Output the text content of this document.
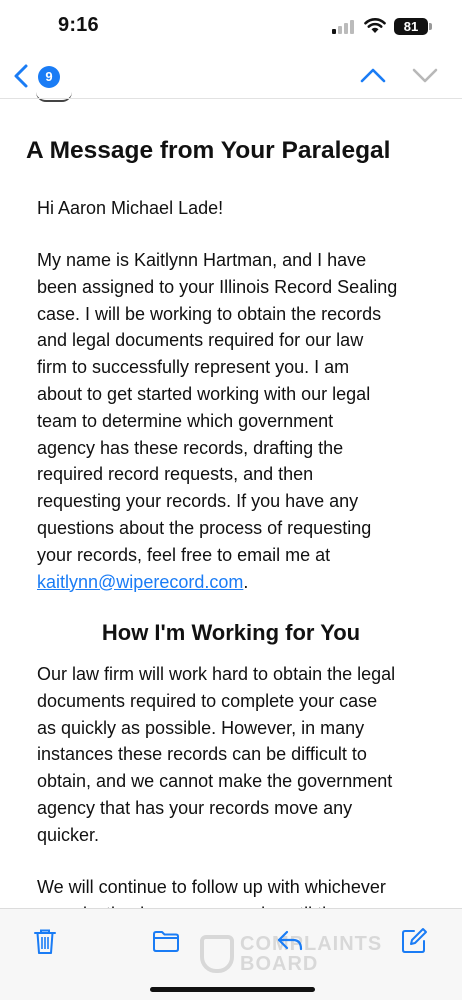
9:16	81
9
A Message from Your Paralegal
Hi Aaron Michael Lade!
My name is Kaitlynn Hartman, and I have
been assigned to your Illinois Record Sealing
case. I will be working to obtain the records
and legal documents required for our law
firm to successfully represent you. I am
about to get started working with our legal
team to determine which government
agency has these records, drafting the
required record requests, and then
requesting your records. If you have any
questions about the process of requesting
your records, feel free to email me at
kaitlynn@wiperecord.com.
How I'm Working for You
Our law firm will work hard to obtain the legal
documents required to complete your case
as quickly as possible. However, in many
instances these records can be difficult to
obtain, and we cannot make the government
agency that has your records move any
quicker.
We will continue to follow up with whichever
COMPLAINTS
BOARD
